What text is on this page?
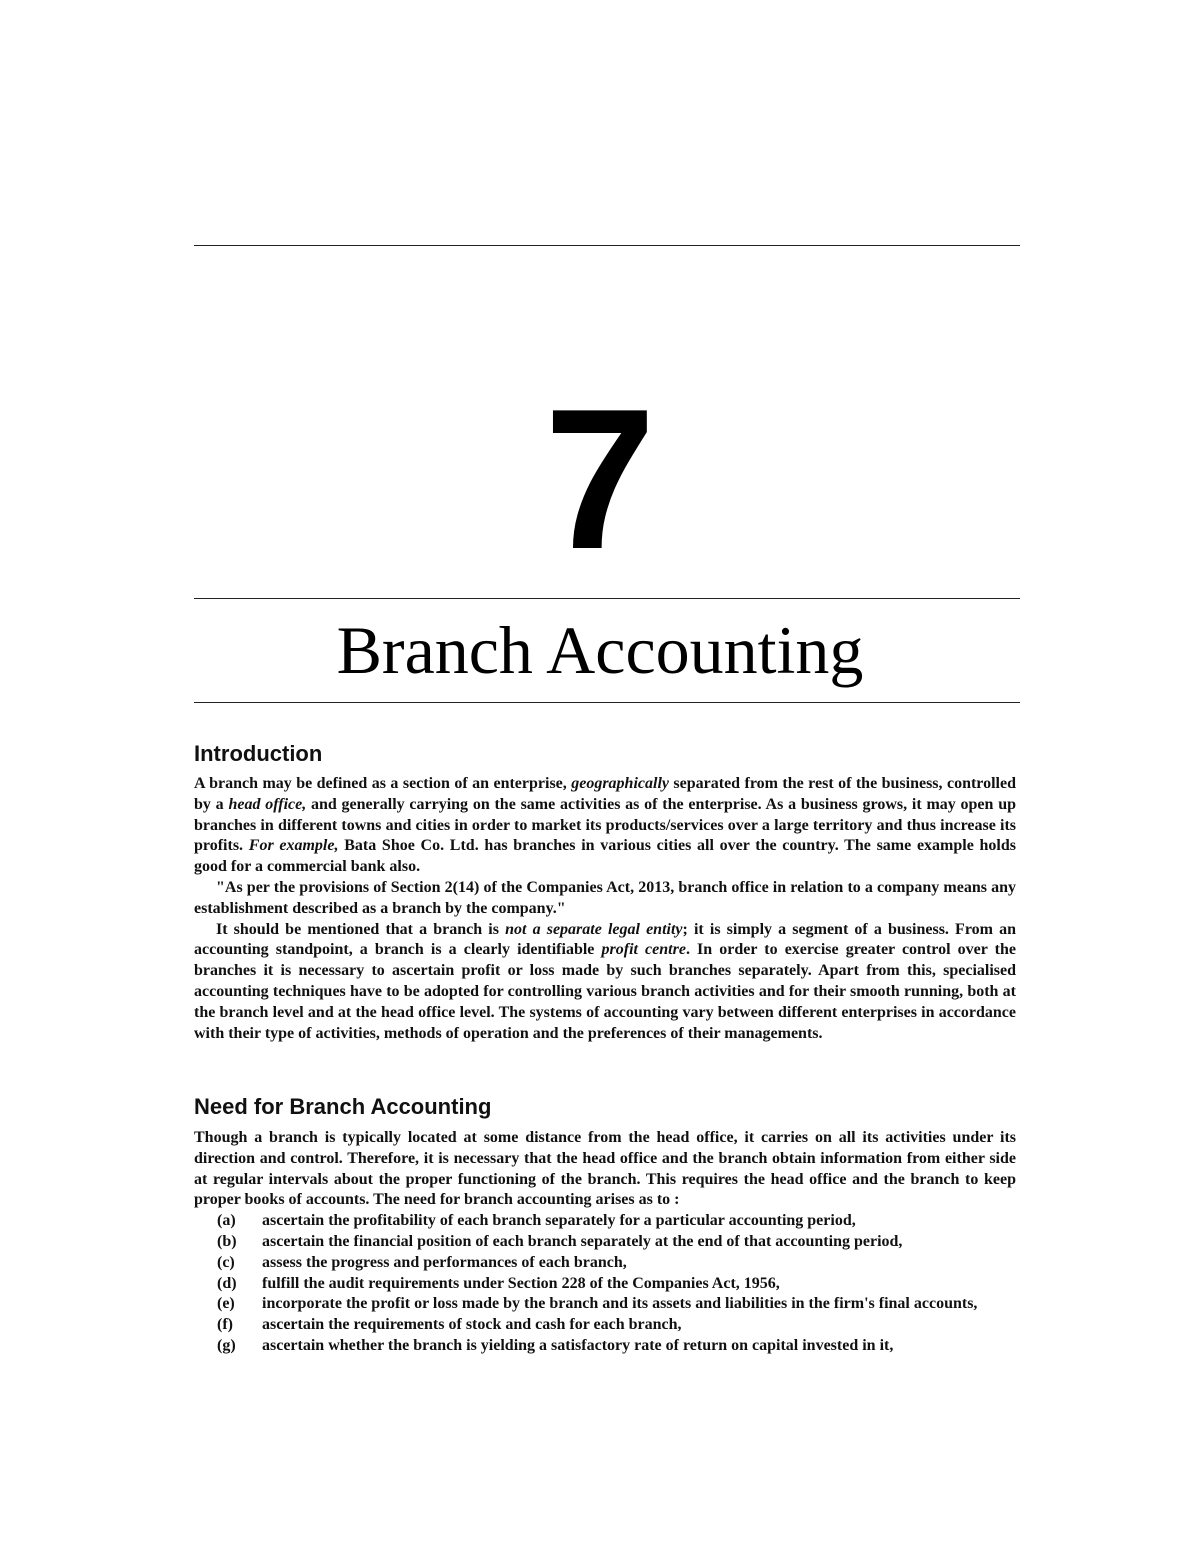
7
Branch Accounting
Introduction

A branch may be defined as a section of an enterprise, geographically separated from the rest of the business, controlled by a head office, and generally carrying on the same activities as of the enterprise. As a business grows, it may open up branches in different towns and cities in order to market its products/services over a large territory and thus increase its profits. For example, Bata Shoe Co. Ltd. has branches in various cities all over the country. The same example holds good for a commercial bank also.

"As per the provisions of Section 2(14) of the Companies Act, 2013, branch office in relation to a company means any establishment described as a branch by the company."

It should be mentioned that a branch is not a separate legal entity; it is simply a segment of a business. From an accounting standpoint, a branch is a clearly identifiable profit centre. In order to exercise greater control over the branches it is necessary to ascertain profit or loss made by such branches separately. Apart from this, specialised accounting techniques have to be adopted for controlling various branch activities and for their smooth running, both at the branch level and at the head office level. The systems of accounting vary between different enterprises in accordance with their type of activities, methods of operation and the preferences of their managements.

Need for Branch Accounting

Though a branch is typically located at some distance from the head office, it carries on all its activities under its direction and control. Therefore, it is necessary that the head office and the branch obtain information from either side at regular intervals about the proper functioning of the branch. This requires the head office and the branch to keep proper books of accounts. The need for branch accounting arises as to :

(a)	ascertain the profitability of each branch separately for a particular accounting period,
(b)	ascertain the financial position of each branch separately at the end of that accounting period,
(c)	assess the progress and performances of each branch,
(d)	fulfill the audit requirements under Section 228 of the Companies Act, 1956,
(e)	incorporate the profit or loss made by the branch and its assets and liabilities in the firm's final accounts,
(f)	ascertain the requirements of stock and cash for each branch,
(g)	ascertain whether the branch is yielding a satisfactory rate of return on capital invested in it,
